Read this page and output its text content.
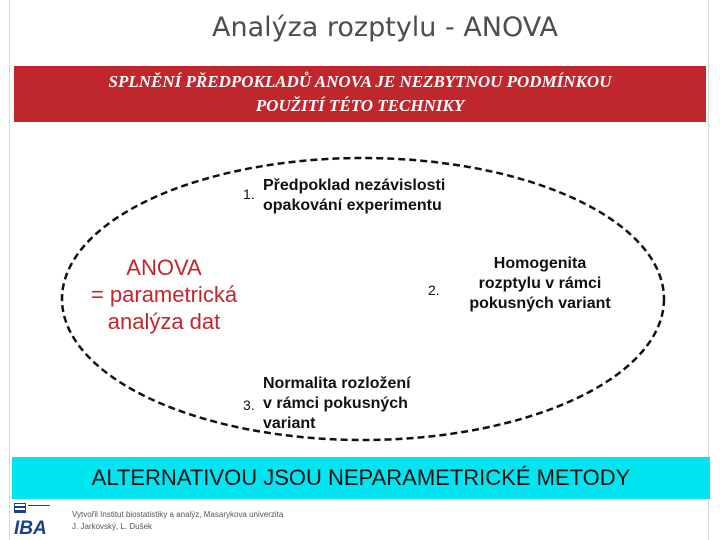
Analýza rozptylu - ANOVA
SPLNĚNÍ PŘEDPOKLADŮ ANOVA JE NEZBYTNOU PODMÍNKOU
POUŽITÍ TÉTO TECHNIKY
1. Předpoklad nezávislosti
opakování experimentu
ANOVA
= parametrická
analýza dat
2.
Homogenita
rozptylu v rámci
pokusných variant
3.
Normalita rozložení
v rámci pokusných
variant
ALTERNATIVOU JSOU NEPARAMETRICKÉ METODY
IBA
Vytvořil Institut biostatistiky a analýz, Masarykova univerzita
J. Jarkovský, L. Dušek
